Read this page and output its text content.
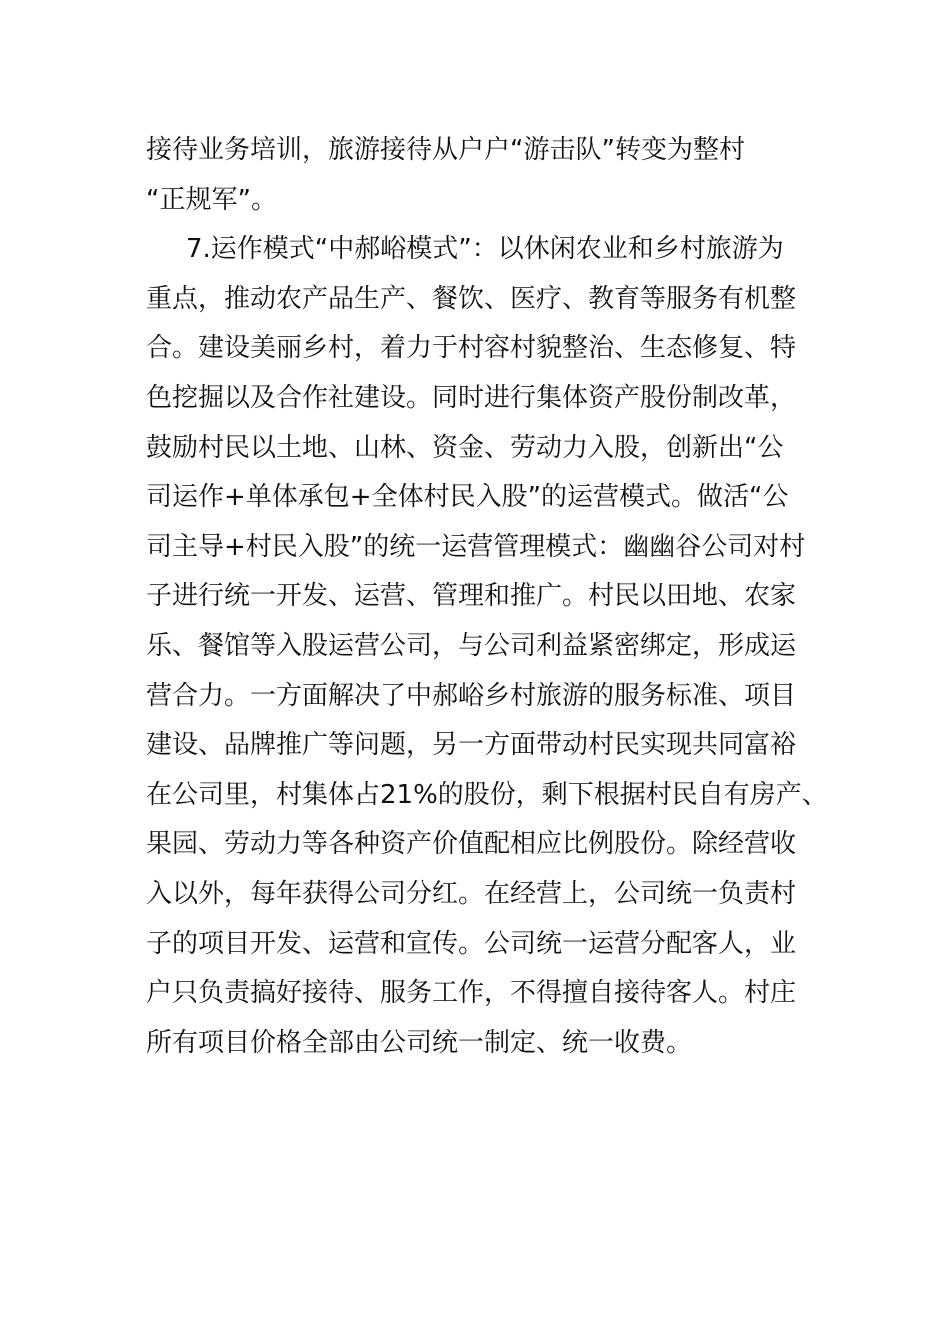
接待业务培训，旅游接待从户户“游击队”转变为整村
“正规军”。
7.运作模式“中郝峪模式”：以休闲农业和乡村旅游为
重点，推动农产品生产、餐饮、医疗、教育等服务有机整
合。建设美丽乡村，着力于村容村貌整治、生态修复、特
色挖掘以及合作社建设。同时进行集体资产股份制改革，
鼓励村民以土地、山林、资金、劳动力入股，创新出“公
司运作+单体承包+全体村民入股”的运营模式。做活“公
司主导+村民入股”的统一运营管理模式：幽幽谷公司对村
子进行统一开发、运营、管理和推广。村民以田地、农家
乐、餐馆等入股运营公司，与公司利益紧密绑定，形成运
营合力。一方面解决了中郝峪乡村旅游的服务标准、项目
建设、品牌推广等问题，另一方面带动村民实现共同富裕
在公司里，村集体占21%的股份，剩下根据村民自有房产、
果园、劳动力等各种资产价值配相应比例股份。除经营收
入以外，每年获得公司分红。在经营上，公司统一负责村
子的项目开发、运营和宣传。公司统一运营分配客人，业
户只负责搞好接待、服务工作，不得擅自接待客人。村庄
所有项目价格全部由公司统一制定、统一收费。
